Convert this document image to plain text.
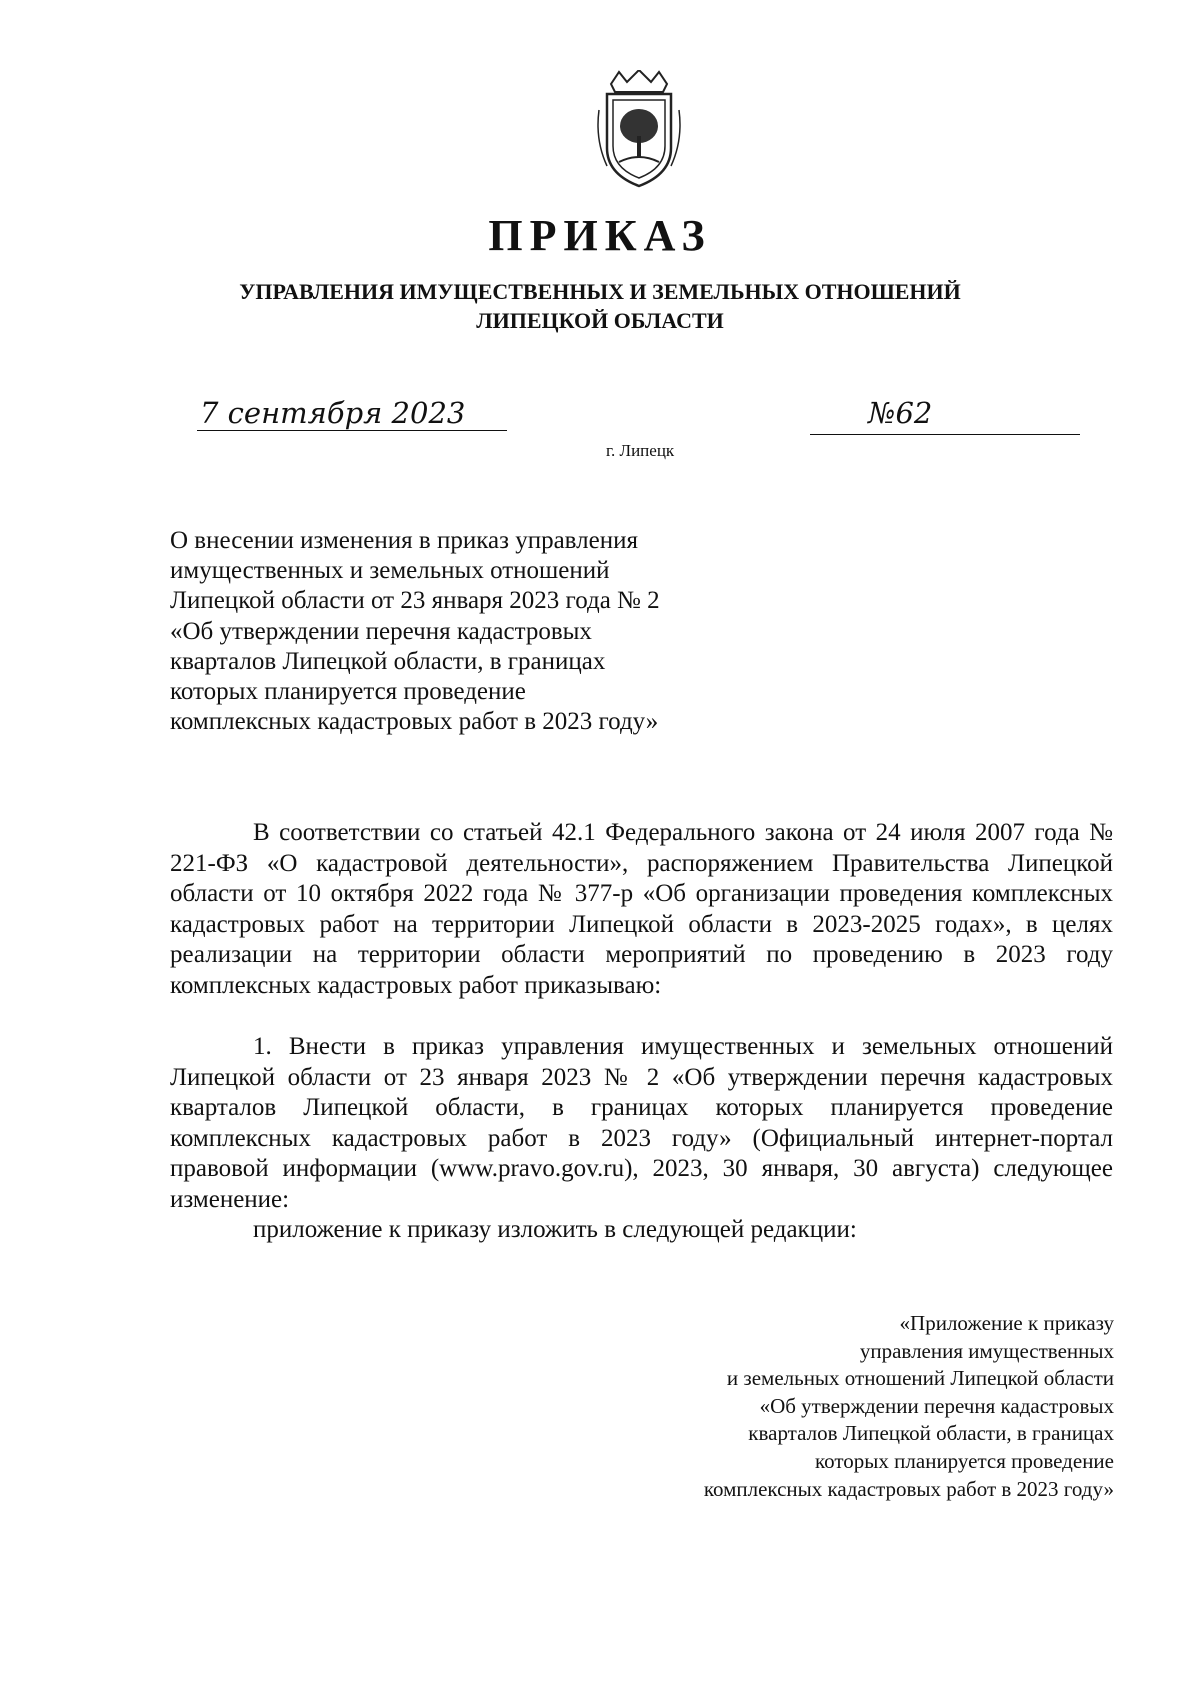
ПРИКАЗ
УПРАВЛЕНИЯ ИМУЩЕСТВЕННЫХ И ЗЕМЕЛЬНЫХ ОТНОШЕНИЙ
ЛИПЕЦКОЙ ОБЛАСТИ
7 сентября 2023	№62
г. Липецк
О внесении изменения в приказ управления
имущественных и земельных отношений
Липецкой области от 23 января 2023 года № 2
«Об утверждении перечня кадастровых
кварталов Липецкой области, в границах
которых планируется проведение
комплексных кадастровых работ в 2023 году»

В соответствии со статьей 42.1 Федерального закона от 24 июля 2007 года № 221-ФЗ «О кадастровой деятельности», распоряжением Правительства Липецкой области от 10 октября 2022 года № 377-р «Об организации проведения комплексных кадастровых работ на территории Липецкой области в 2023-2025 годах», в целях реализации на территории области мероприятий по проведению в 2023 году комплексных кадастровых работ приказываю:

1. Внести в приказ управления имущественных и земельных отношений Липецкой области от 23 января 2023 № 2 «Об утверждении перечня кадастровых кварталов Липецкой области, в границах которых планируется проведение комплексных кадастровых работ в 2023 году» (Официальный интернет-портал правовой информации (www.pravo.gov.ru), 2023, 30 января, 30 августа) следующее изменение:

приложение к приказу изложить в следующей редакции:

«Приложение к приказу
управления имущественных
и земельных отношений Липецкой области
«Об утверждении перечня кадастровых
кварталов Липецкой области, в границах
которых планируется проведение
комплексных кадастровых работ в 2023 году»
